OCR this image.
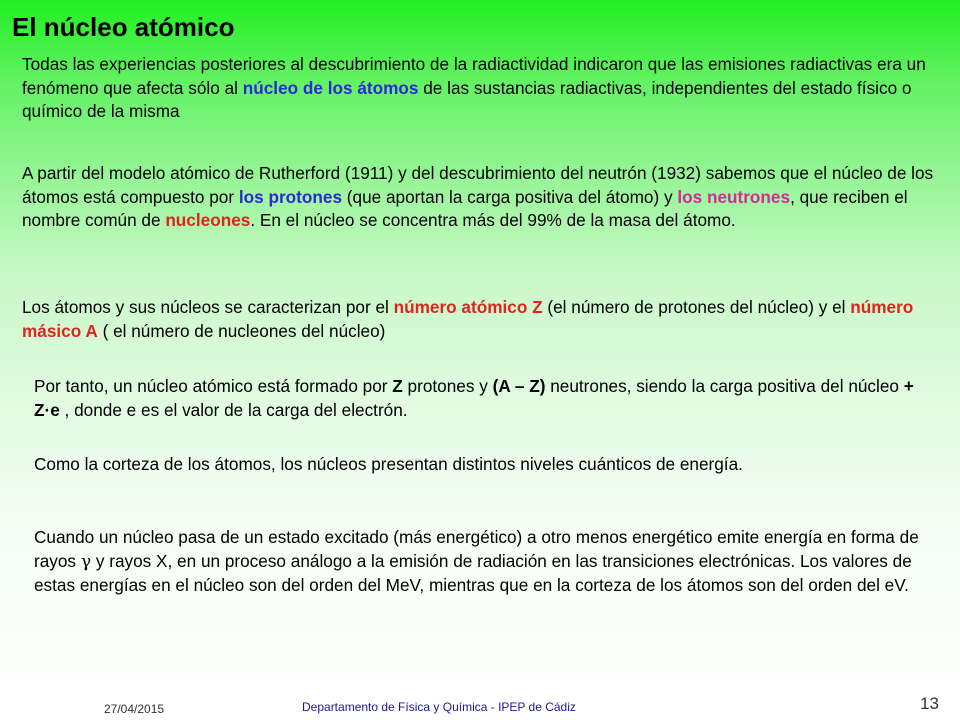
El núcleo atómico

Todas las experiencias posteriores al descubrimiento de la radiactividad indicaron que las emisiones radiactivas era un fenómeno que afecta sólo al núcleo de los átomos de las sustancias radiactivas, independientes del estado físico o químico de la misma

A partir del modelo atómico de Rutherford (1911) y del descubrimiento del neutrón (1932) sabemos que el núcleo de los átomos está compuesto por los protones (que aportan la carga positiva del átomo) y los neutrones, que reciben el nombre común de nucleones. En el núcleo se concentra más del 99% de la masa del átomo.

Los átomos y sus núcleos se caracterizan por el número atómico Z (el número de protones del núcleo) y el número másico A ( el número de nucleones del núcleo)

Por tanto, un núcleo atómico está formado por Z protones y (A – Z) neutrones, siendo la carga positiva del núcleo + Z·e , donde e es el valor de la carga del electrón.

Como la corteza de los átomos, los núcleos presentan distintos niveles cuánticos de energía.

Cuando un núcleo pasa de un estado excitado (más energético) a otro menos energético emite energía en forma de rayos γ y rayos X, en un proceso análogo a la emisión de radiación en las transiciones electrónicas. Los valores de estas energías en el núcleo son del orden del MeV, mientras que en la corteza de los átomos son del orden del eV.

27/04/2015	Departamento de Física y Química - IPEP de Cádiz	13
